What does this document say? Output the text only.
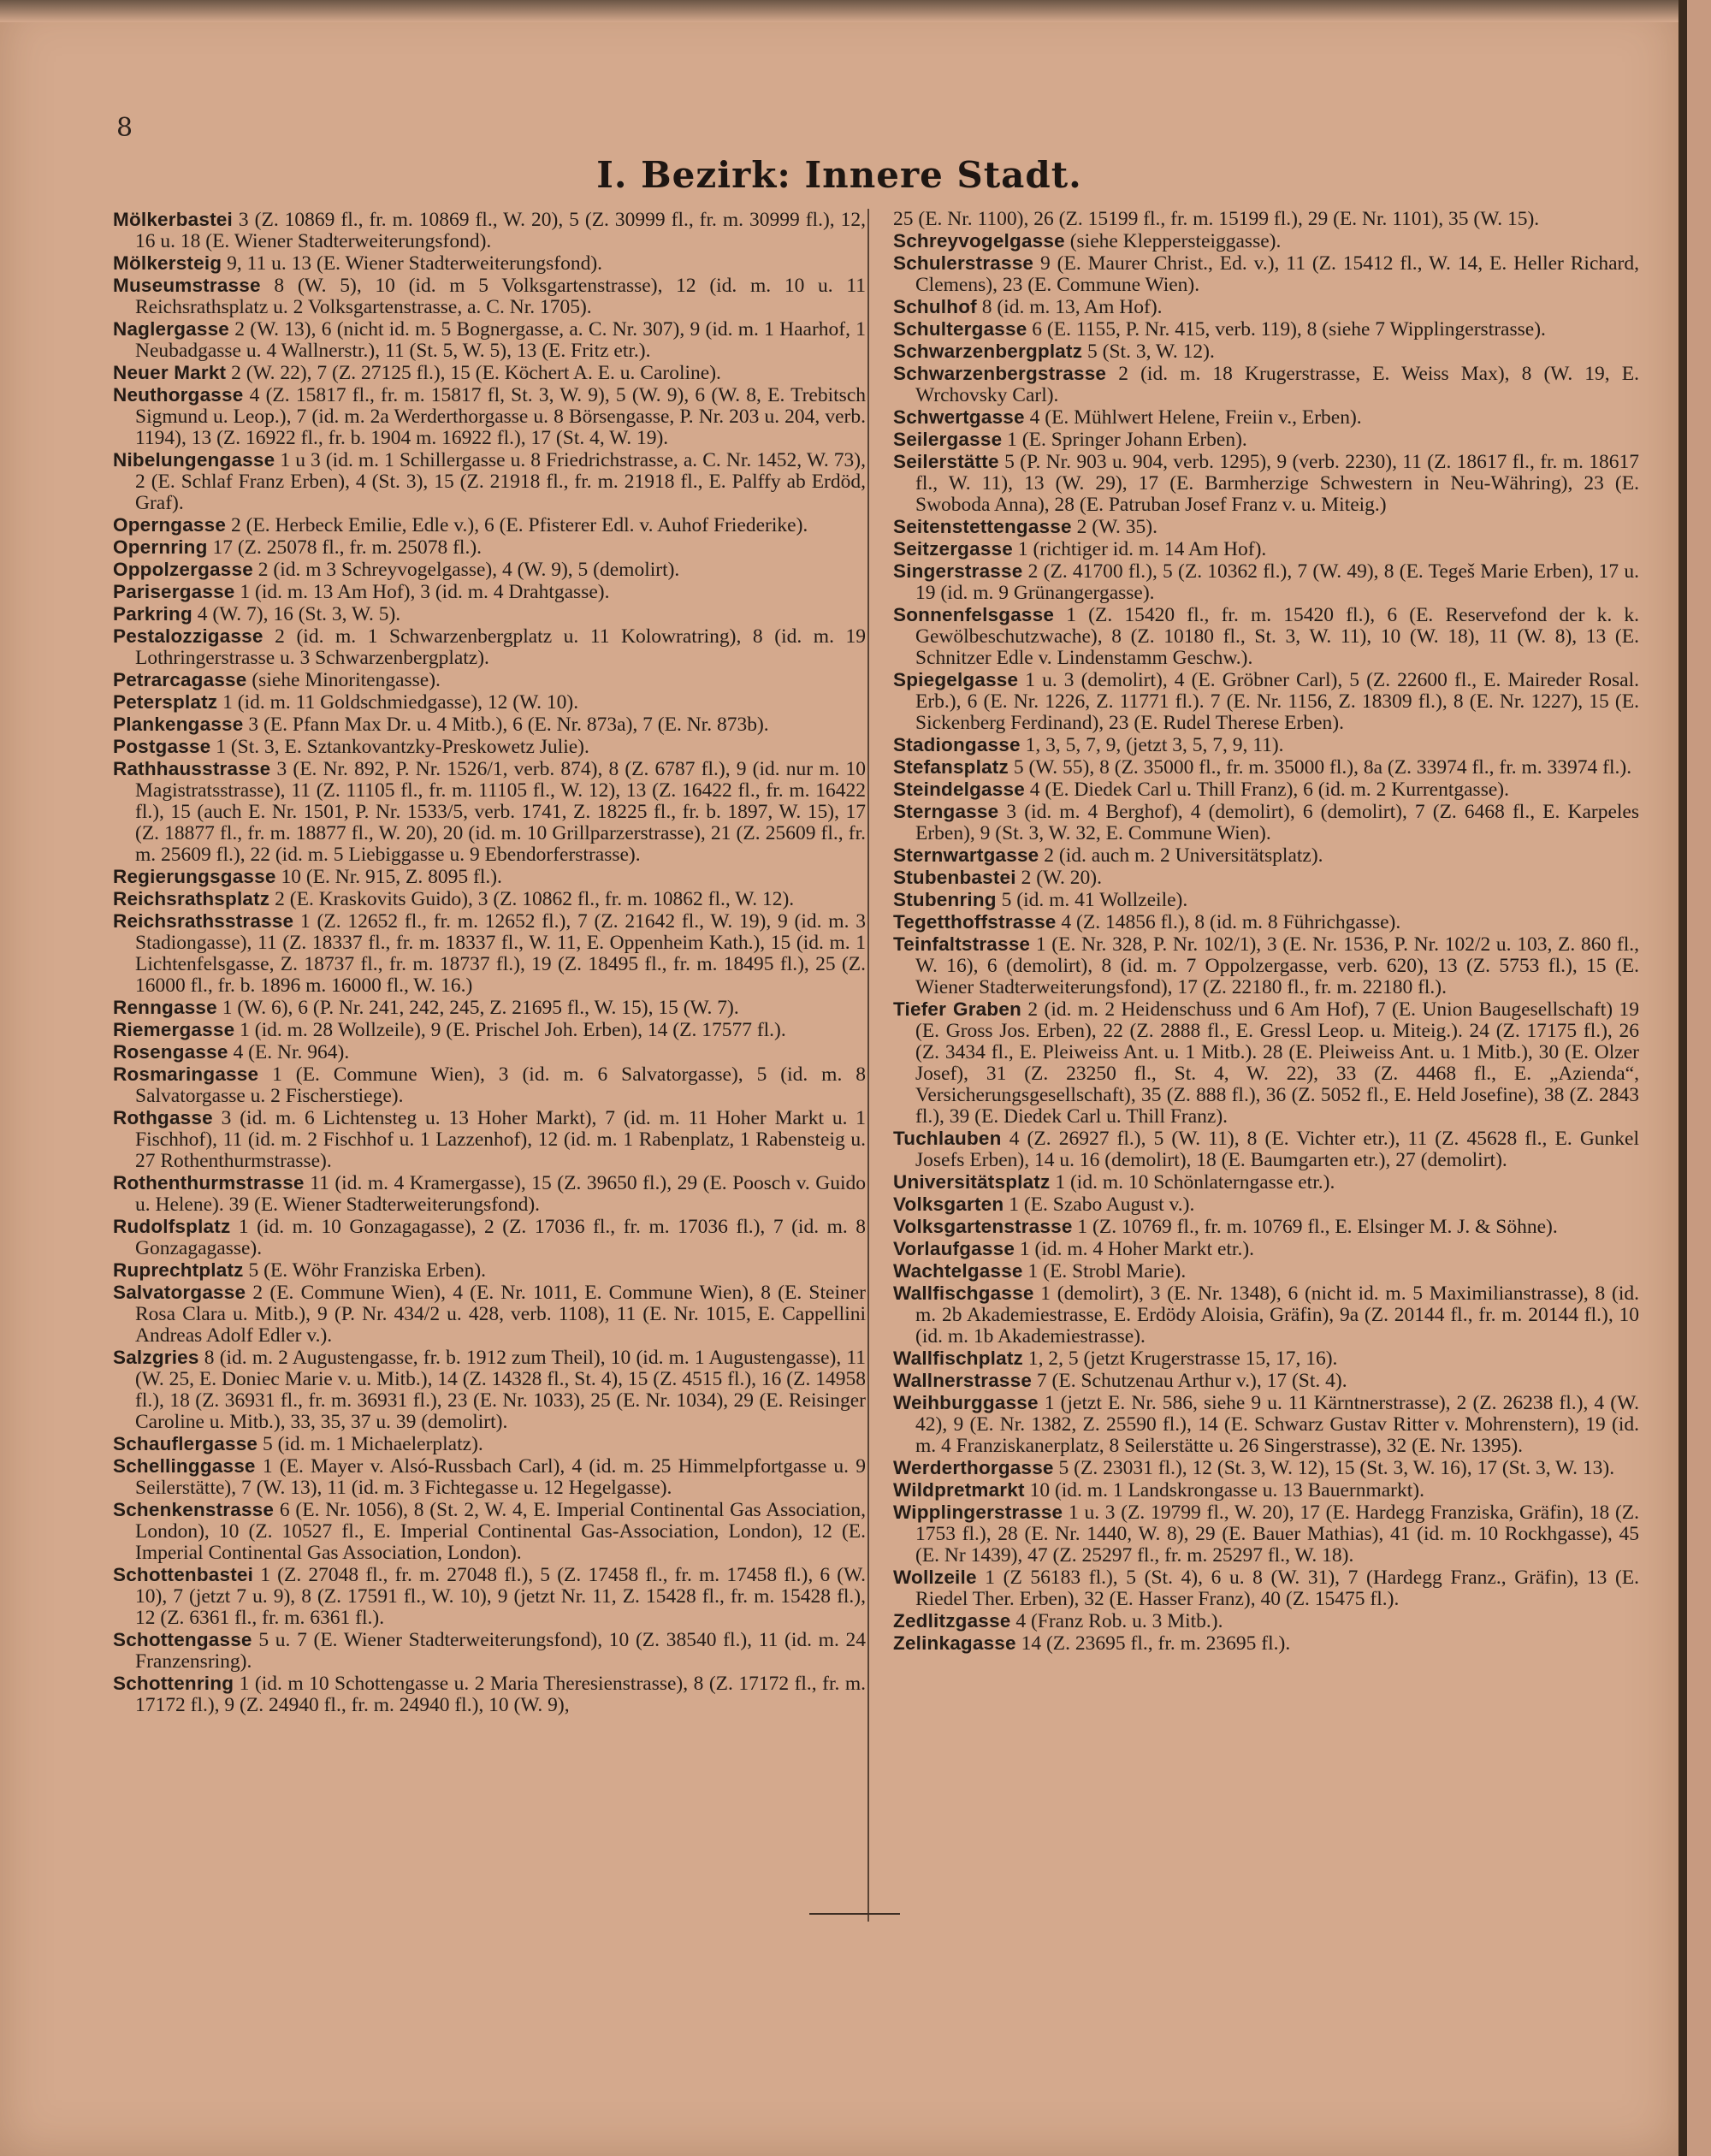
8
I. Bezirk: Innere Stadt.

Mölkerbastei 3 (Z. 10869 fl., fr. m. 10869 fl., W. 20), 5 (Z. 30999 fl., fr. m. 30999 fl.), 12, 16 u. 18 (E. Wiener Stadterweiterungsfond).

Mölkersteig 9, 11 u. 13 (E. Wiener Stadterweiterungsfond).

Museumstrasse 8 (W. 5), 10 (id. m 5 Volksgartenstrasse), 12 (id. m. 10 u. 11 Reichsrathsplatz u. 2 Volksgartenstrasse, a. C. Nr. 1705).

Naglergasse 2 (W. 13), 6 (nicht id. m. 5 Bognergasse, a. C. Nr. 307), 9 (id. m. 1 Haarhof, 1 Neubadgasse u. 4 Wallnerstr.), 11 (St. 5, W. 5), 13 (E. Fritz etr.).

Neuer Markt 2 (W. 22), 7 (Z. 27125 fl.), 15 (E. Köchert A. E. u. Caroline).

Neuthorgasse 4 (Z. 15817 fl., fr. m. 15817 fl, St. 3, W. 9), 5 (W. 9), 6 (W. 8, E. Trebitsch Sigmund u. Leop.), 7 (id. m. 2a Werderthorgasse u. 8 Börsengasse, P. Nr. 203 u. 204, verb. 1194), 13 (Z. 16922 fl., fr. b. 1904 m. 16922 fl.), 17 (St. 4, W. 19).

Nibelungengasse 1 u 3 (id. m. 1 Schillergasse u. 8 Friedrichstrasse, a. C. Nr. 1452, W. 73), 2 (E. Schlaf Franz Erben), 4 (St. 3), 15 (Z. 21918 fl., fr. m. 21918 fl., E. Palffy ab Erdöd, Graf).

Operngasse 2 (E. Herbeck Emilie, Edle v.), 6 (E. Pfisterer Edl. v. Auhof Friederike).

Opernring 17 (Z. 25078 fl., fr. m. 25078 fl.).

Oppolzergasse 2 (id. m 3 Schreyvogelgasse), 4 (W. 9), 5 (demolirt).

Parisergasse 1 (id. m. 13 Am Hof), 3 (id. m. 4 Drahtgasse).

Parkring 4 (W. 7), 16 (St. 3, W. 5).

Pestalozzigasse 2 (id. m. 1 Schwarzenbergplatz u. 11 Kolowratring), 8 (id. m. 19 Lothringerstrasse u. 3 Schwarzenbergplatz).

Petrarcagasse (siehe Minoritengasse).

Petersplatz 1 (id. m. 11 Goldschmiedgasse), 12 (W. 10).

Plankengasse 3 (E. Pfann Max Dr. u. 4 Mitb.), 6 (E. Nr. 873a), 7 (E. Nr. 873b).

Postgasse 1 (St. 3, E. Sztankovantzky-Preskowetz Julie).

Rathhausstrasse 3 (E. Nr. 892, P. Nr. 1526/1, verb. 874), 8 (Z. 6787 fl.), 9 (id. nur m. 10 Magistratsstrasse), 11 (Z. 11105 fl., fr. m. 11105 fl., W. 12), 13 (Z. 16422 fl., fr. m. 16422 fl.), 15 (auch E. Nr. 1501, P. Nr. 1533/5, verb. 1741, Z. 18225 fl., fr. b. 1897, W. 15), 17 (Z. 18877 fl., fr. m. 18877 fl., W. 20), 20 (id. m. 10 Grillparzerstrasse), 21 (Z. 25609 fl., fr. m. 25609 fl.), 22 (id. m. 5 Liebiggasse u. 9 Ebendorferstrasse).

Regierungsgasse 10 (E. Nr. 915, Z. 8095 fl.).

Reichsrathsplatz 2 (E. Kraskovits Guido), 3 (Z. 10862 fl., fr. m. 10862 fl., W. 12).

Reichsrathsstrasse 1 (Z. 12652 fl., fr. m. 12652 fl.), 7 (Z. 21642 fl., W. 19), 9 (id. m. 3 Stadiongasse), 11 (Z. 18337 fl., fr. m. 18337 fl., W. 11, E. Oppenheim Kath.), 15 (id. m. 1 Lichtenfelsgasse, Z. 18737 fl., fr. m. 18737 fl.), 19 (Z. 18495 fl., fr. m. 18495 fl.), 25 (Z. 16000 fl., fr. b. 1896 m. 16000 fl., W. 16.)

Renngasse 1 (W. 6), 6 (P. Nr. 241, 242, 245, Z. 21695 fl., W. 15), 15 (W. 7).

Riemergasse 1 (id. m. 28 Wollzeile), 9 (E. Prischel Joh. Erben), 14 (Z. 17577 fl.).

Rosengasse 4 (E. Nr. 964).

Rosmaringasse 1 (E. Commune Wien), 3 (id. m. 6 Salvatorgasse), 5 (id. m. 8 Salvatorgasse u. 2 Fischerstiege).

Rothgasse 3 (id. m. 6 Lichtensteg u. 13 Hoher Markt), 7 (id. m. 11 Hoher Markt u. 1 Fischhof), 11 (id. m. 2 Fischhof u. 1 Lazzenhof), 12 (id. m. 1 Rabenplatz, 1 Rabensteig u. 27 Rothenthurmstrasse).

Rothenthurmstrasse 11 (id. m. 4 Kramergasse), 15 (Z. 39650 fl.), 29 (E. Poosch v. Guido u. Helene). 39 (E. Wiener Stadterweiterungsfond).

Rudolfsplatz 1 (id. m. 10 Gonzagagasse), 2 (Z. 17036 fl., fr. m. 17036 fl.), 7 (id. m. 8 Gonzagagasse).

Ruprechtplatz 5 (E. Wöhr Franziska Erben).

Salvatorgasse 2 (E. Commune Wien), 4 (E. Nr. 1011, E. Commune Wien), 8 (E. Steiner Rosa Clara u. Mitb.), 9 (P. Nr. 434/2 u. 428, verb. 1108), 11 (E. Nr. 1015, E. Cappellini Andreas Adolf Edler v.).

Salzgries 8 (id. m. 2 Augustengasse, fr. b. 1912 zum Theil), 10 (id. m. 1 Augustengasse), 11 (W. 25, E. Doniec Marie v. u. Mitb.), 14 (Z. 14328 fl., St. 4), 15 (Z. 4515 fl.), 16 (Z. 14958 fl.), 18 (Z. 36931 fl., fr. m. 36931 fl.), 23 (E. Nr. 1033), 25 (E. Nr. 1034), 29 (E. Reisinger Caroline u. Mitb.), 33, 35, 37 u. 39 (demolirt).

Schauflergasse 5 (id. m. 1 Michaelerplatz).

Schellinggasse 1 (E. Mayer v. Alsó-Russbach Carl), 4 (id. m. 25 Himmelpfortgasse u. 9 Seilerstätte), 7 (W. 13), 11 (id. m. 3 Fichtegasse u. 12 Hegelgasse).

Schenkenstrasse 6 (E. Nr. 1056), 8 (St. 2, W. 4, E. Imperial Continental Gas Association, London), 10 (Z. 10527 fl., E. Imperial Continental Gas-Association, London), 12 (E. Imperial Continental Gas Association, London).

Schottenbastei 1 (Z. 27048 fl., fr. m. 27048 fl.), 5 (Z. 17458 fl., fr. m. 17458 fl.), 6 (W. 10), 7 (jetzt 7 u. 9), 8 (Z. 17591 fl., W. 10), 9 (jetzt Nr. 11, Z. 15428 fl., fr. m. 15428 fl.), 12 (Z. 6361 fl., fr. m. 6361 fl.).

Schottengasse 5 u. 7 (E. Wiener Stadterweiterungsfond), 10 (Z. 38540 fl.), 11 (id. m. 24 Franzensring).

Schottenring 1 (id. m 10 Schottengasse u. 2 Maria Theresienstrasse), 8 (Z. 17172 fl., fr. m. 17172 fl.), 9 (Z. 24940 fl., fr. m. 24940 fl.), 10 (W. 9),

25 (E. Nr. 1100), 26 (Z. 15199 fl., fr. m. 15199 fl.), 29 (E. Nr. 1101), 35 (W. 15).

Schreyvogelgasse (siehe Kleppersteiggasse).

Schulerstrasse 9 (E. Maurer Christ., Ed. v.), 11 (Z. 15412 fl., W. 14, E. Heller Richard, Clemens), 23 (E. Commune Wien).

Schulhof 8 (id. m. 13, Am Hof).

Schultergasse 6 (E. 1155, P. Nr. 415, verb. 119), 8 (siehe 7 Wipplingerstrasse).

Schwarzenbergplatz 5 (St. 3, W. 12).

Schwarzenbergstrasse 2 (id. m. 18 Krugerstrasse, E. Weiss Max), 8 (W. 19, E. Wrchovsky Carl).

Schwertgasse 4 (E. Mühlwert Helene, Freiin v., Erben).

Seilergasse 1 (E. Springer Johann Erben).

Seilerstätte 5 (P. Nr. 903 u. 904, verb. 1295), 9 (verb. 2230), 11 (Z. 18617 fl., fr. m. 18617 fl., W. 11), 13 (W. 29), 17 (E. Barmherzige Schwestern in Neu-Währing), 23 (E. Swoboda Anna), 28 (E. Patruban Josef Franz v. u. Miteig.)

Seitenstettengasse 2 (W. 35).

Seitzergasse 1 (richtiger id. m. 14 Am Hof).

Singerstrasse 2 (Z. 41700 fl.), 5 (Z. 10362 fl.), 7 (W. 49), 8 (E. Tegeš Marie Erben), 17 u. 19 (id. m. 9 Grünangergasse).

Sonnenfelsgasse 1 (Z. 15420 fl., fr. m. 15420 fl.), 6 (E. Reservefond der k. k. Gewölbeschutzwache), 8 (Z. 10180 fl., St. 3, W. 11), 10 (W. 18), 11 (W. 8), 13 (E. Schnitzer Edle v. Lindenstamm Geschw.).

Spiegelgasse 1 u. 3 (demolirt), 4 (E. Gröbner Carl), 5 (Z. 22600 fl., E. Maireder Rosal. Erb.), 6 (E. Nr. 1226, Z. 11771 fl.). 7 (E. Nr. 1156, Z. 18309 fl.), 8 (E. Nr. 1227), 15 (E. Sickenberg Ferdinand), 23 (E. Rudel Therese Erben).

Stadiongasse 1, 3, 5, 7, 9, (jetzt 3, 5, 7, 9, 11).

Stefansplatz 5 (W. 55), 8 (Z. 35000 fl., fr. m. 35000 fl.), 8a (Z. 33974 fl., fr. m. 33974 fl.).

Steindelgasse 4 (E. Diedek Carl u. Thill Franz), 6 (id. m. 2 Kurrentgasse).

Sterngasse 3 (id. m. 4 Berghof), 4 (demolirt), 6 (demolirt), 7 (Z. 6468 fl., E. Karpeles Erben), 9 (St. 3, W. 32, E. Commune Wien).

Sternwartgasse 2 (id. auch m. 2 Universitätsplatz).

Stubenbastei 2 (W. 20).

Stubenring 5 (id. m. 41 Wollzeile).

Tegetthoffstrasse 4 (Z. 14856 fl.), 8 (id. m. 8 Führichgasse).

Teinfaltstrasse 1 (E. Nr. 328, P. Nr. 102/1), 3 (E. Nr. 1536, P. Nr. 102/2 u. 103, Z. 860 fl., W. 16), 6 (demolirt), 8 (id. m. 7 Oppolzergasse, verb. 620), 13 (Z. 5753 fl.), 15 (E. Wiener Stadterweiterungsfond), 17 (Z. 22180 fl., fr. m. 22180 fl.).

Tiefer Graben 2 (id. m. 2 Heidenschuss und 6 Am Hof), 7 (E. Union Baugesellschaft) 19 (E. Gross Jos. Erben), 22 (Z. 2888 fl., E. Gressl Leop. u. Miteig.). 24 (Z. 17175 fl.), 26 (Z. 3434 fl., E. Pleiweiss Ant. u. 1 Mitb.). 28 (E. Pleiweiss Ant. u. 1 Mitb.), 30 (E. Olzer Josef), 31 (Z. 23250 fl., St. 4, W. 22), 33 (Z. 4468 fl., E. „Azienda“, Versicherungsgesellschaft), 35 (Z. 888 fl.), 36 (Z. 5052 fl., E. Held Josefine), 38 (Z. 2843 fl.), 39 (E. Diedek Carl u. Thill Franz).

Tuchlauben 4 (Z. 26927 fl.), 5 (W. 11), 8 (E. Vichter etr.), 11 (Z. 45628 fl., E. Gunkel Josefs Erben), 14 u. 16 (demolirt), 18 (E. Baumgarten etr.), 27 (demolirt).

Universitätsplatz 1 (id. m. 10 Schönlaterngasse etr.).

Volksgarten 1 (E. Szabo August v.).

Volksgartenstrasse 1 (Z. 10769 fl., fr. m. 10769 fl., E. Elsinger M. J. & Söhne).

Vorlaufgasse 1 (id. m. 4 Hoher Markt etr.).

Wachtelgasse 1 (E. Strobl Marie).

Wallfischgasse 1 (demolirt), 3 (E. Nr. 1348), 6 (nicht id. m. 5 Maximilianstrasse), 8 (id. m. 2b Akademiestrasse, E. Erdödy Aloisia, Gräfin), 9a (Z. 20144 fl., fr. m. 20144 fl.), 10 (id. m. 1b Akademiestrasse).

Wallfischplatz 1, 2, 5 (jetzt Krugerstrasse 15, 17, 16).

Wallnerstrasse 7 (E. Schutzenau Arthur v.), 17 (St. 4).

Weihburggasse 1 (jetzt E. Nr. 586, siehe 9 u. 11 Kärntnerstrasse), 2 (Z. 26238 fl.), 4 (W. 42), 9 (E. Nr. 1382, Z. 25590 fl.), 14 (E. Schwarz Gustav Ritter v. Mohrenstern), 19 (id. m. 4 Franziskanerplatz, 8 Seilerstätte u. 26 Singerstrasse), 32 (E. Nr. 1395).

Werderthorgasse 5 (Z. 23031 fl.), 12 (St. 3, W. 12), 15 (St. 3, W. 16), 17 (St. 3, W. 13).

Wildpretmarkt 10 (id. m. 1 Landskrongasse u. 13 Bauernmarkt).

Wipplingerstrasse 1 u. 3 (Z. 19799 fl., W. 20), 17 (E. Hardegg Franziska, Gräfin), 18 (Z. 1753 fl.), 28 (E. Nr. 1440, W. 8), 29 (E. Bauer Mathias), 41 (id. m. 10 Rockhgasse), 45 (E. Nr 1439), 47 (Z. 25297 fl., fr. m. 25297 fl., W. 18).

Wollzeile 1 (Z 56183 fl.), 5 (St. 4), 6 u. 8 (W. 31), 7 (Hardegg Franz., Gräfin), 13 (E. Riedel Ther. Erben), 32 (E. Hasser Franz), 40 (Z. 15475 fl.).

Zedlitzgasse 4 (Franz Rob. u. 3 Mitb.).

Zelinkagasse 14 (Z. 23695 fl., fr. m. 23695 fl.).
